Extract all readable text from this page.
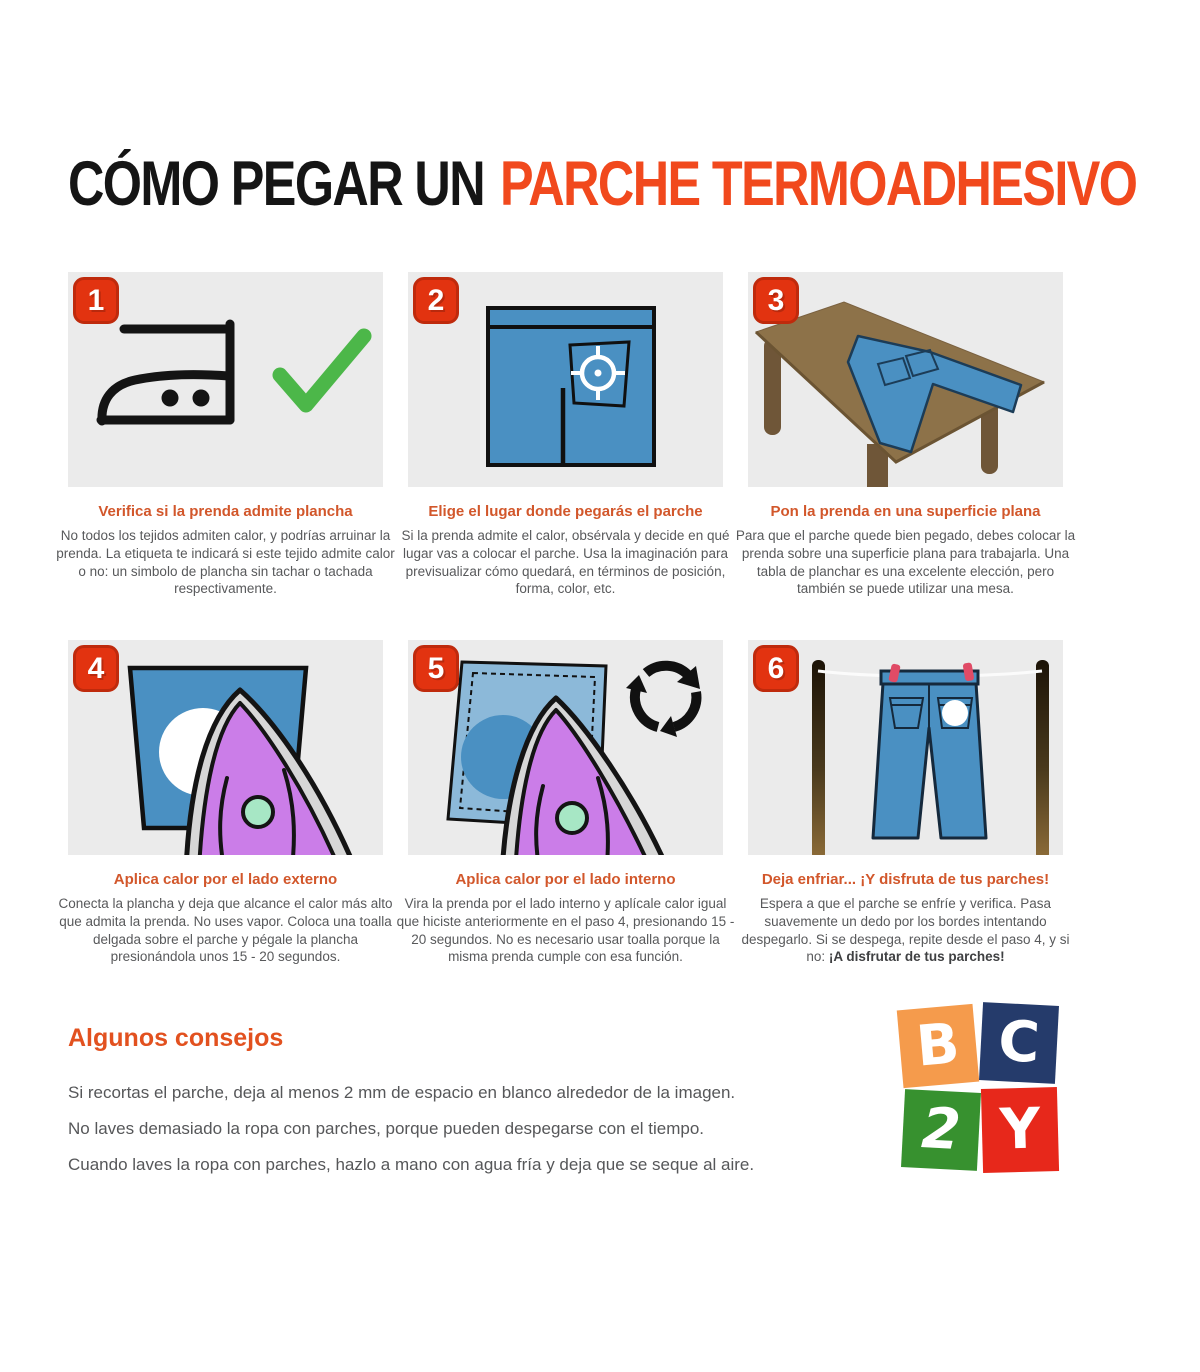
CÓMO PEGAR UN PARCHE TERMOADHESIVO
1
Verifica si la prenda admite plancha
No todos los tejidos admiten calor, y podrías arruinar la prenda. La etiqueta te indicará si este tejido admite calor o no: un simbolo de plancha sin tachar o tachada respectivamente.
2
Elige el lugar donde pegarás el parche
Si la prenda admite el calor, obsérvala y decide en qué lugar vas a colocar el parche. Usa la imaginación para previsualizar cómo quedará, en términos de posición, forma, color, etc.
3
Pon la prenda en una superficie plana
Para que el parche quede bien pegado, debes colocar la prenda sobre una superficie plana para trabajarla. Una tabla de planchar es una excelente elección, pero también se puede utilizar una mesa.
4
Aplica calor por el lado externo
Conecta la plancha y deja que alcance el calor más alto que admita la prenda. No uses vapor. Coloca una toalla delgada sobre el parche y pégale la plancha presionándola unos 15 - 20 segundos.
5
Aplica calor por el lado interno
Vira la prenda por el lado interno y aplícale calor igual que hiciste anteriormente en el paso 4, presionando 15 - 20 segundos. No es necesario usar toalla porque la misma prenda cumple con esa función.
6
Deja enfriar... ¡Y disfruta de tus parches!
Espera a que el parche se enfríe y verifica. Pasa suavemente un dedo por los bordes intentando despegarlo. Si se despega, repite desde el paso 4, y si no: ¡A disfrutar de tus parches!
Algunos consejos
Si recortas el parche, deja al menos 2 mm de espacio en blanco alrededor de la imagen.
No laves demasiado la ropa con parches, porque pueden despegarse con el tiempo.
Cuando laves la ropa con parches, hazlo a mano con agua fría y deja que se seque al aire.
B C
2 Y
